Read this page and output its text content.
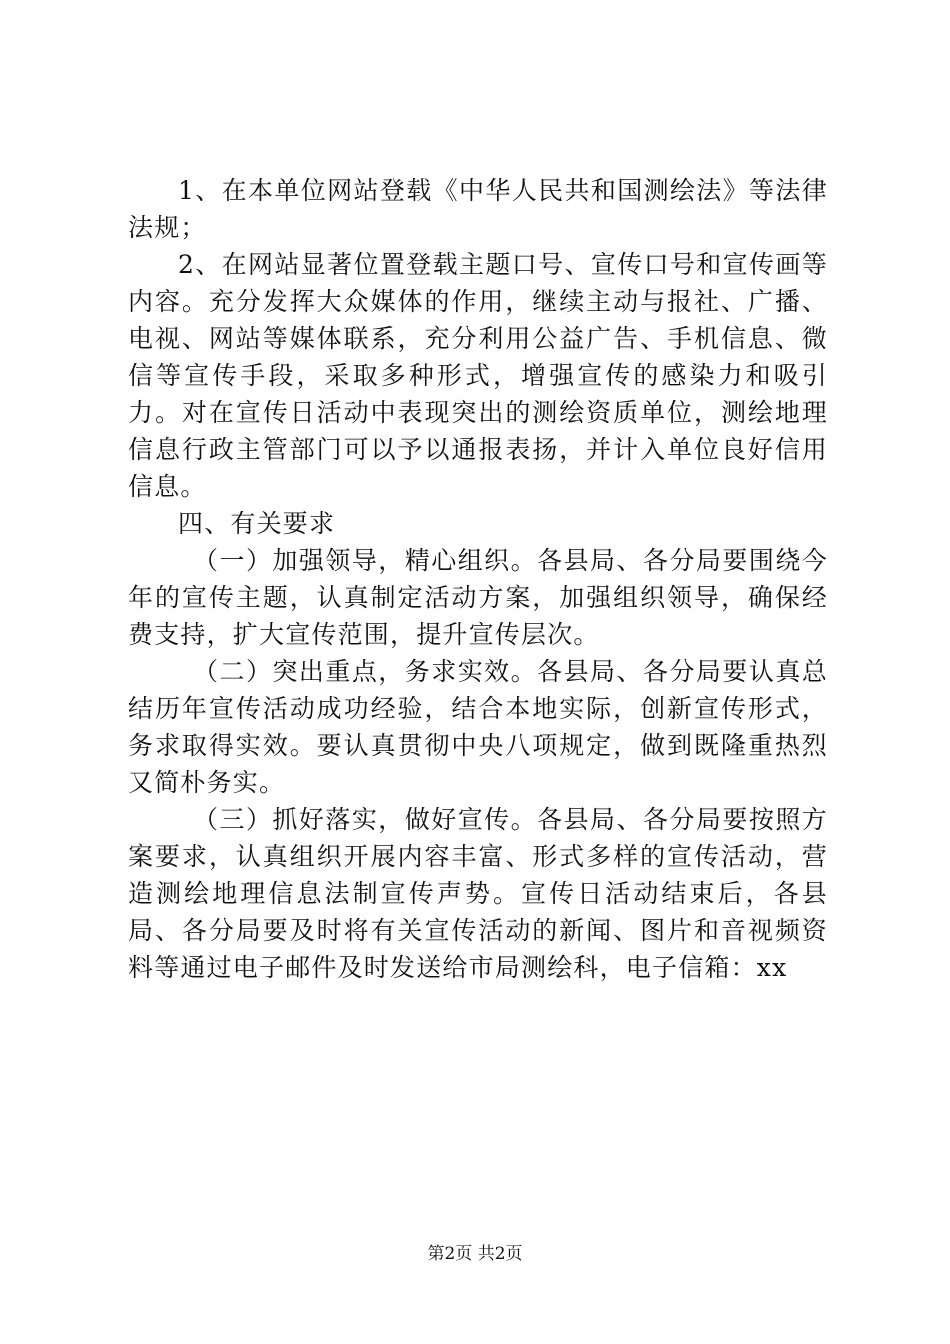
1、在本单位网站登载《中华人民共和国测绘法》等法律法规；

2、在网站显著位置登载主题口号、宣传口号和宣传画等内容。充分发挥大众媒体的作用，继续主动与报社、广播、电视、网站等媒体联系，充分利用公益广告、手机信息、微信等宣传手段，采取多种形式，增强宣传的感染力和吸引力。对在宣传日活动中表现突出的测绘资质单位，测绘地理信息行政主管部门可以予以通报表扬，并计入单位良好信用信息。

四、有关要求

（一）加强领导，精心组织。各县局、各分局要围绕今年的宣传主题，认真制定活动方案，加强组织领导，确保经费支持，扩大宣传范围，提升宣传层次。

（二）突出重点，务求实效。各县局、各分局要认真总结历年宣传活动成功经验，结合本地实际，创新宣传形式，务求取得实效。要认真贯彻中央八项规定，做到既隆重热烈又简朴务实。

（三）抓好落实，做好宣传。各县局、各分局要按照方案要求，认真组织开展内容丰富、形式多样的宣传活动，营造测绘地理信息法制宣传声势。宣传日活动结束后，各县局、各分局要及时将有关宣传活动的新闻、图片和音视频资料等通过电子邮件及时发送给市局测绘科，电子信箱：xx

第2页 共2页
